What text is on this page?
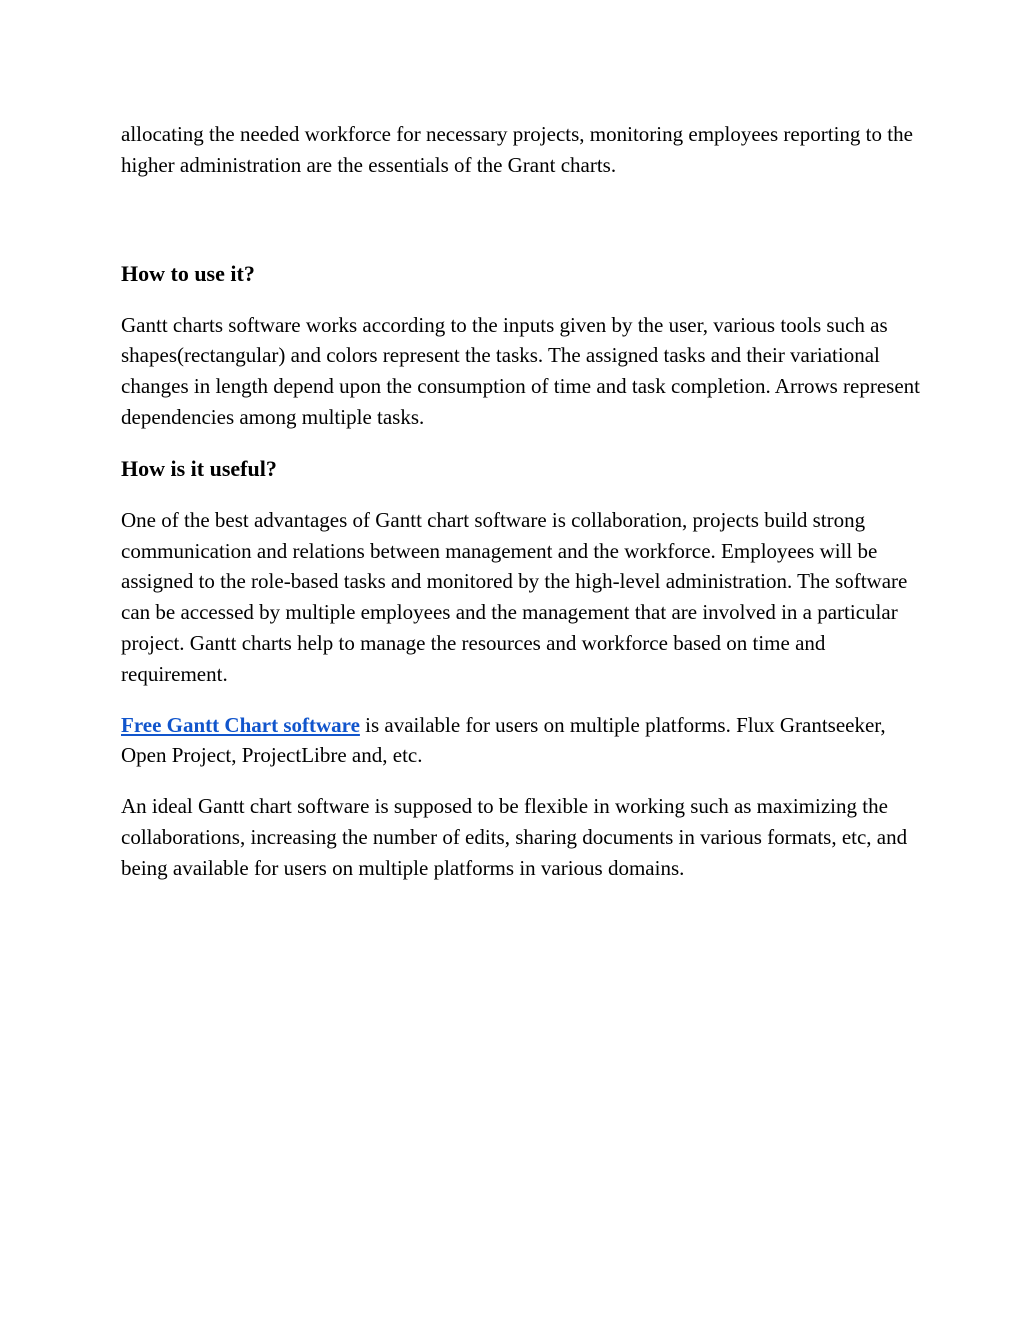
allocating the needed workforce for necessary projects, monitoring employees reporting to the higher administration are the essentials of the Grant charts.

How to use it?

Gantt charts software works according to the inputs given by the user, various tools such as shapes(rectangular) and colors represent the tasks. The assigned tasks and their variational changes in length depend upon the consumption of time and task completion. Arrows represent dependencies among multiple tasks.

How is it useful?

One of the best advantages of Gantt chart software is collaboration, projects build strong communication and relations between management and the workforce. Employees will be assigned to the role-based tasks and monitored by the high-level administration. The software can be accessed by multiple employees and the management that are involved in a particular project. Gantt charts help to manage the resources and workforce based on time and requirement.

Free Gantt Chart software is available for users on multiple platforms. Flux Grantseeker, Open Project, ProjectLibre and, etc.

An ideal Gantt chart software is supposed to be flexible in working such as maximizing the collaborations, increasing the number of edits, sharing documents in various formats, etc, and being available for users on multiple platforms in various domains.
